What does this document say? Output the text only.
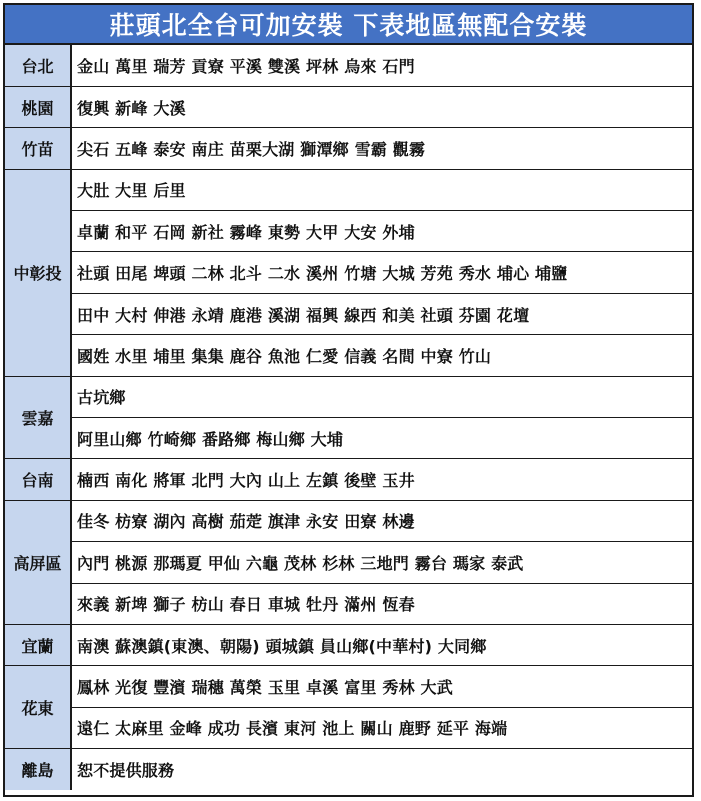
莊頭北全台可加安裝 下表地區無配合安裝
台北	金山 萬里 瑞芳 貢寮 平溪 雙溪 坪林 烏來 石門
桃園	復興 新峰 大溪
竹苗	尖石 五峰 泰安 南庄 苗栗大湖 獅潭鄉 雪霸 觀霧
中彰投	大肚 大里 后里
	卓蘭 和平 石岡 新社 霧峰 東勢 大甲 大安 外埔
	社頭 田尾 埤頭 二林 北斗 二水 溪州 竹塘 大城 芳苑 秀水 埔心 埔鹽
	田中 大村 伸港 永靖 鹿港 溪湖 福興 線西 和美 社頭 芬園 花壇
	國姓 水里 埔里 集集 鹿谷 魚池 仁愛 信義 名間 中寮 竹山
雲嘉	古坑鄉
	阿里山鄉 竹崎鄉 番路鄉 梅山鄉 大埔
台南	楠西 南化 將軍 北門 大內 山上 左鎮 後壁 玉井
高屏區	佳冬 枋寮 湖內 高樹 茄萣 旗津 永安 田寮 林邊
	內門 桃源 那瑪夏 甲仙 六龜 茂林 杉林 三地門 霧台 瑪家 泰武
	來義 新埤 獅子 枋山 春日 車城 牡丹 滿州 恆春
宜蘭	南澳 蘇澳鎮(東澳、朝陽) 頭城鎮 員山鄉(中華村) 大同鄉
花東	鳳林 光復 豐濱 瑞穗 萬榮 玉里 卓溪 富里 秀林 大武
	遠仁 太麻里 金峰 成功 長濱 東河 池上 關山 鹿野 延平 海端
離島	恕不提供服務
